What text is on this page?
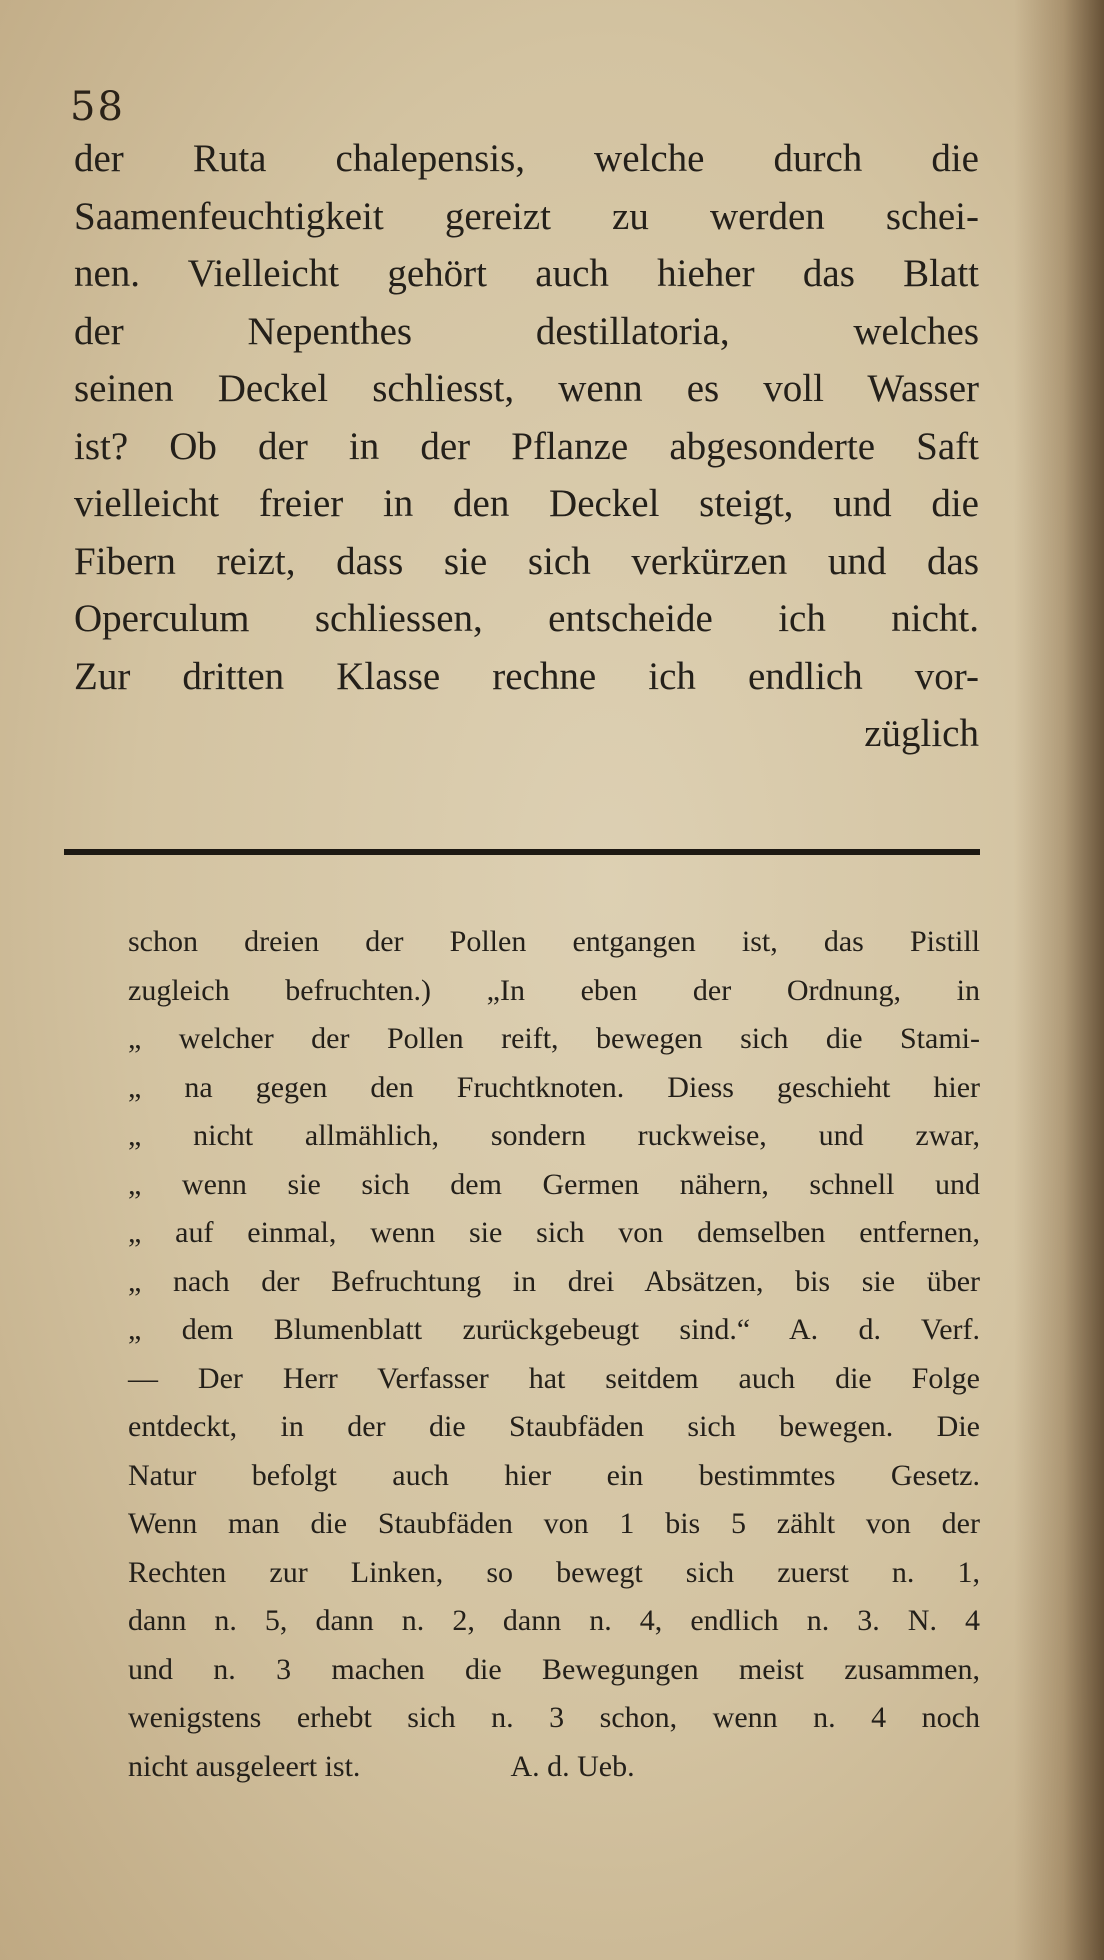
58
der Ruta chalepensis, welche durch die
Saamenfeuchtigkeit gereizt zu werden schei-
nen. Vielleicht gehört auch hieher das Blatt
der Nepenthes destillatoria, welches
seinen Deckel schliesst, wenn es voll Wasser
ist? Ob der in der Pflanze abgesonderte Saft
vielleicht freier in den Deckel steigt, und die
Fibern reizt, dass sie sich verkürzen und das
Operculum schliessen, entscheide ich nicht.
Zur dritten Klasse rechne ich endlich vor-
züglich
schon dreien der Pollen entgangen ist, das Pistill
zugleich befruchten.) „In eben der Ordnung, in
„ welcher der Pollen reift, bewegen sich die Stami-
„ na gegen den Fruchtknoten. Diess geschieht hier
„ nicht allmählich, sondern ruckweise, und zwar,
„ wenn sie sich dem Germen nähern, schnell und
„ auf einmal, wenn sie sich von demselben entfernen,
„ nach der Befruchtung in drei Absätzen, bis sie über
„ dem Blumenblatt zurückgebeugt sind.“ A. d. Verf.
— Der Herr Verfasser hat seitdem auch die Folge
entdeckt, in der die Staubfäden sich bewegen. Die
Natur befolgt auch hier ein bestimmtes Gesetz.
Wenn man die Staubfäden von 1 bis 5 zählt von der
Rechten zur Linken, so bewegt sich zuerst n. 1,
dann n. 5, dann n. 2, dann n. 4, endlich n. 3. N. 4
und n. 3 machen die Bewegungen meist zusammen,
wenigstens erhebt sich n. 3 schon, wenn n. 4 noch
nicht ausgeleert ist.	A. d. Ueb.
